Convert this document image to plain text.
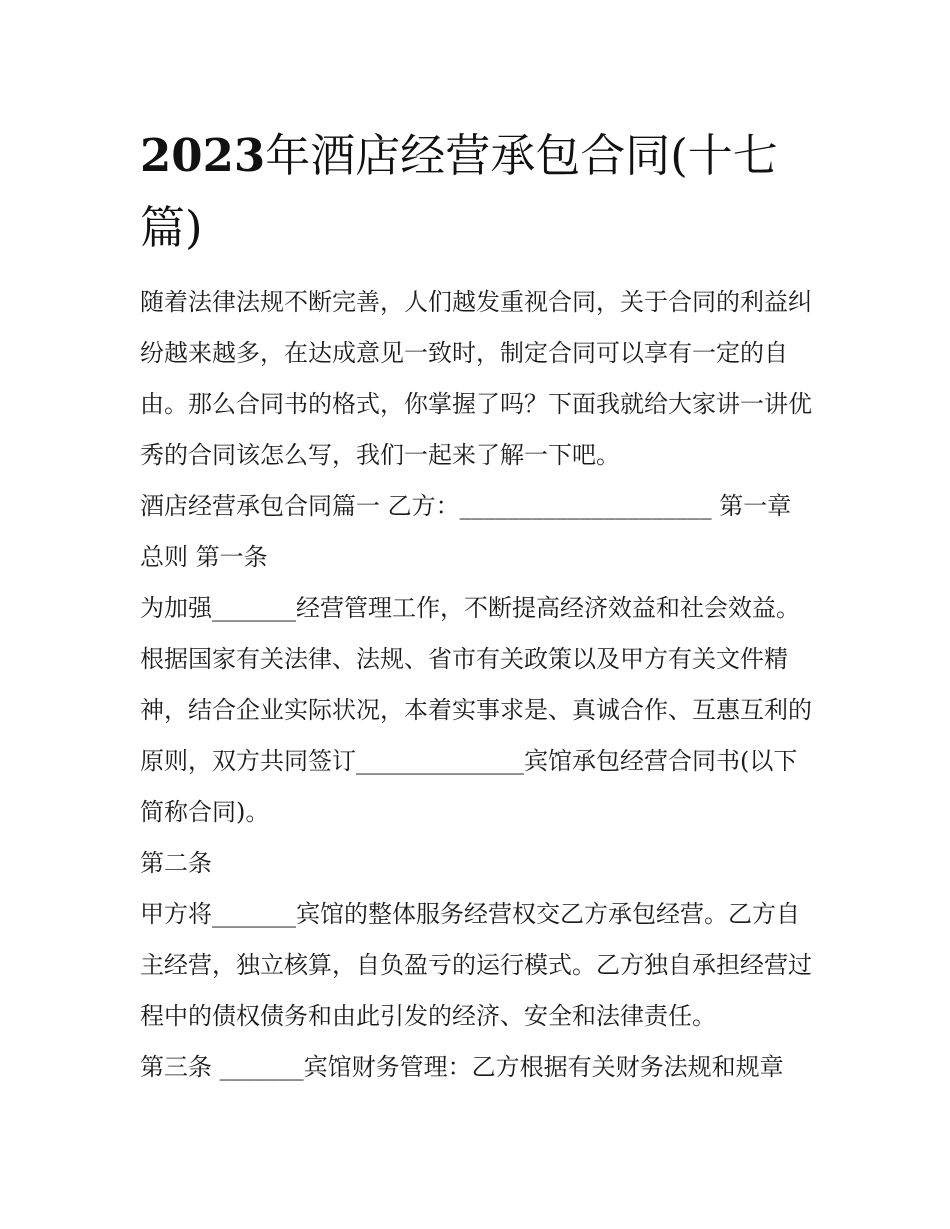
2023年酒店经营承包合同(十七篇)

随着法律法规不断完善，人们越发重视合同，关于合同的利益纠纷越来越多，在达成意见一致时，制定合同可以享有一定的自由。那么合同书的格式，你掌握了吗？下面我就给大家讲一讲优秀的合同该怎么写，我们一起来了解一下吧。

酒店经营承包合同篇一 乙方：_____________________ 第一章 总则 第一条

为加强_______经营管理工作，不断提高经济效益和社会效益。根据国家有关法律、法规、省市有关政策以及甲方有关文件精神，结合企业实际状况，本着实事求是、真诚合作、互惠互利的原则，双方共同签订______________宾馆承包经营合同书(以下简称合同)。

第二条

甲方将_______宾馆的整体服务经营权交乙方承包经营。乙方自主经营，独立核算，自负盈亏的运行模式。乙方独自承担经营过程中的债权债务和由此引发的经济、安全和法律责任。

第三条 _______宾馆财务管理：乙方根据有关财务法规和规章
